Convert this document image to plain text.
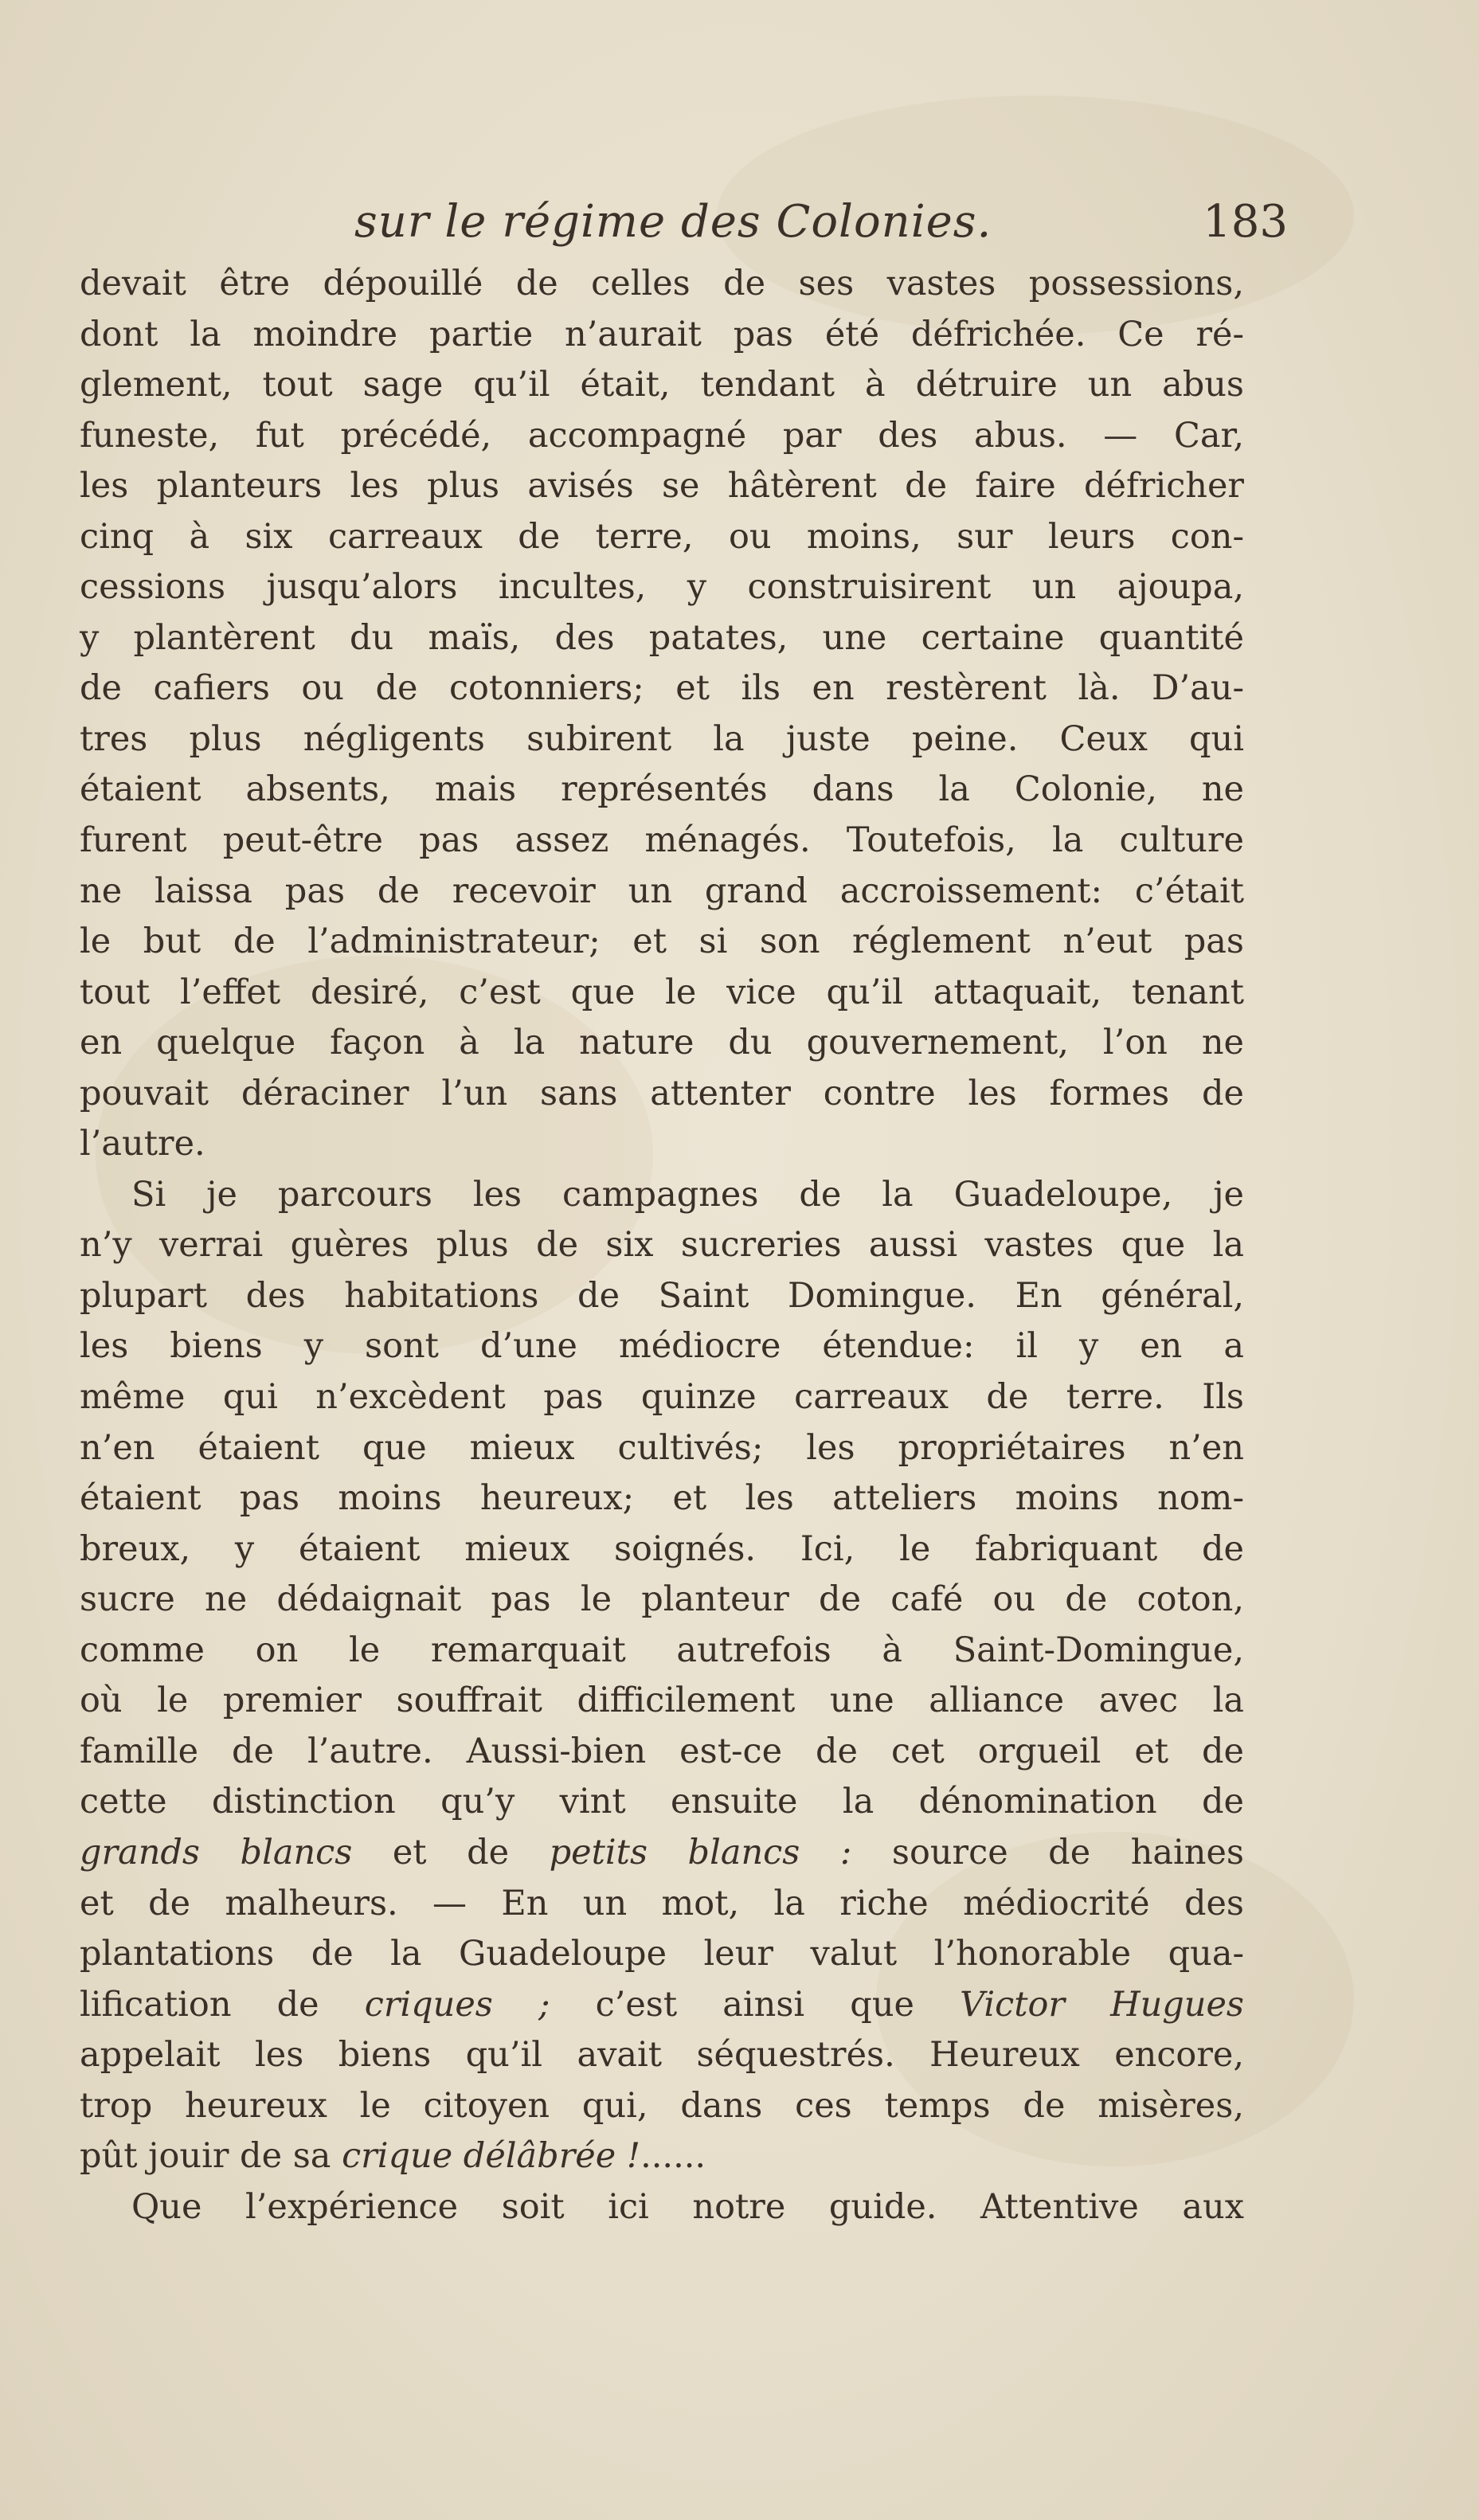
sur le régime des Colonies.	183
devait être dépouillé de celles de ses vastes possessions,
dont la moindre partie n’aurait pas été défrichée. Ce ré-
glement, tout sage qu’il était, tendant à détruire un abus
funeste, fut précédé, accompagné par des abus. — Car,
les planteurs les plus avisés se hâtèrent de faire défricher
cinq à six carreaux de terre, ou moins, sur leurs con-
cessions jusqu’alors incultes, y construisirent un ajoupa,
y plantèrent du maïs, des patates, une certaine quantité
de cafiers ou de cotonniers; et ils en restèrent là. D’au-
tres plus négligents subirent la juste peine. Ceux qui
étaient absents, mais représentés dans la Colonie, ne
furent peut-être pas assez ménagés. Toutefois, la culture
ne laissa pas de recevoir un grand accroissement: c’était
le but de l’administrateur; et si son réglement n’eut pas
tout l’effet desiré, c’est que le vice qu’il attaquait, tenant
en quelque façon à la nature du gouvernement, l’on ne
pouvait déraciner l’un sans attenter contre les formes de
l’autre.
Si je parcours les campagnes de la Guadeloupe, je
n’y verrai guères plus de six sucreries aussi vastes que la
plupart des habitations de Saint Domingue. En général,
les biens y sont d’une médiocre étendue: il y en a
même qui n’excèdent pas quinze carreaux de terre. Ils
n’en étaient que mieux cultivés; les propriétaires n’en
étaient pas moins heureux; et les atteliers moins nom-
breux, y étaient mieux soignés. Ici, le fabriquant de
sucre ne dédaignait pas le planteur de café ou de coton,
comme on le remarquait autrefois à Saint-Domingue,
où le premier souffrait difficilement une alliance avec la
famille de l’autre. Aussi-bien est-ce de cet orgueil et de
cette distinction qu’y vint ensuite la dénomination de
grands blancs et de petits blancs : source de haines
et de malheurs. — En un mot, la riche médiocrité des
plantations de la Guadeloupe leur valut l’honorable qua-
lification de criques ; c’est ainsi que Victor Hugues
appelait les biens qu’il avait séquestrés. Heureux encore,
trop heureux le citoyen qui, dans ces temps de misères,
pût jouir de sa crique délâbrée !......
Que l’expérience soit ici notre guide. Attentive aux
